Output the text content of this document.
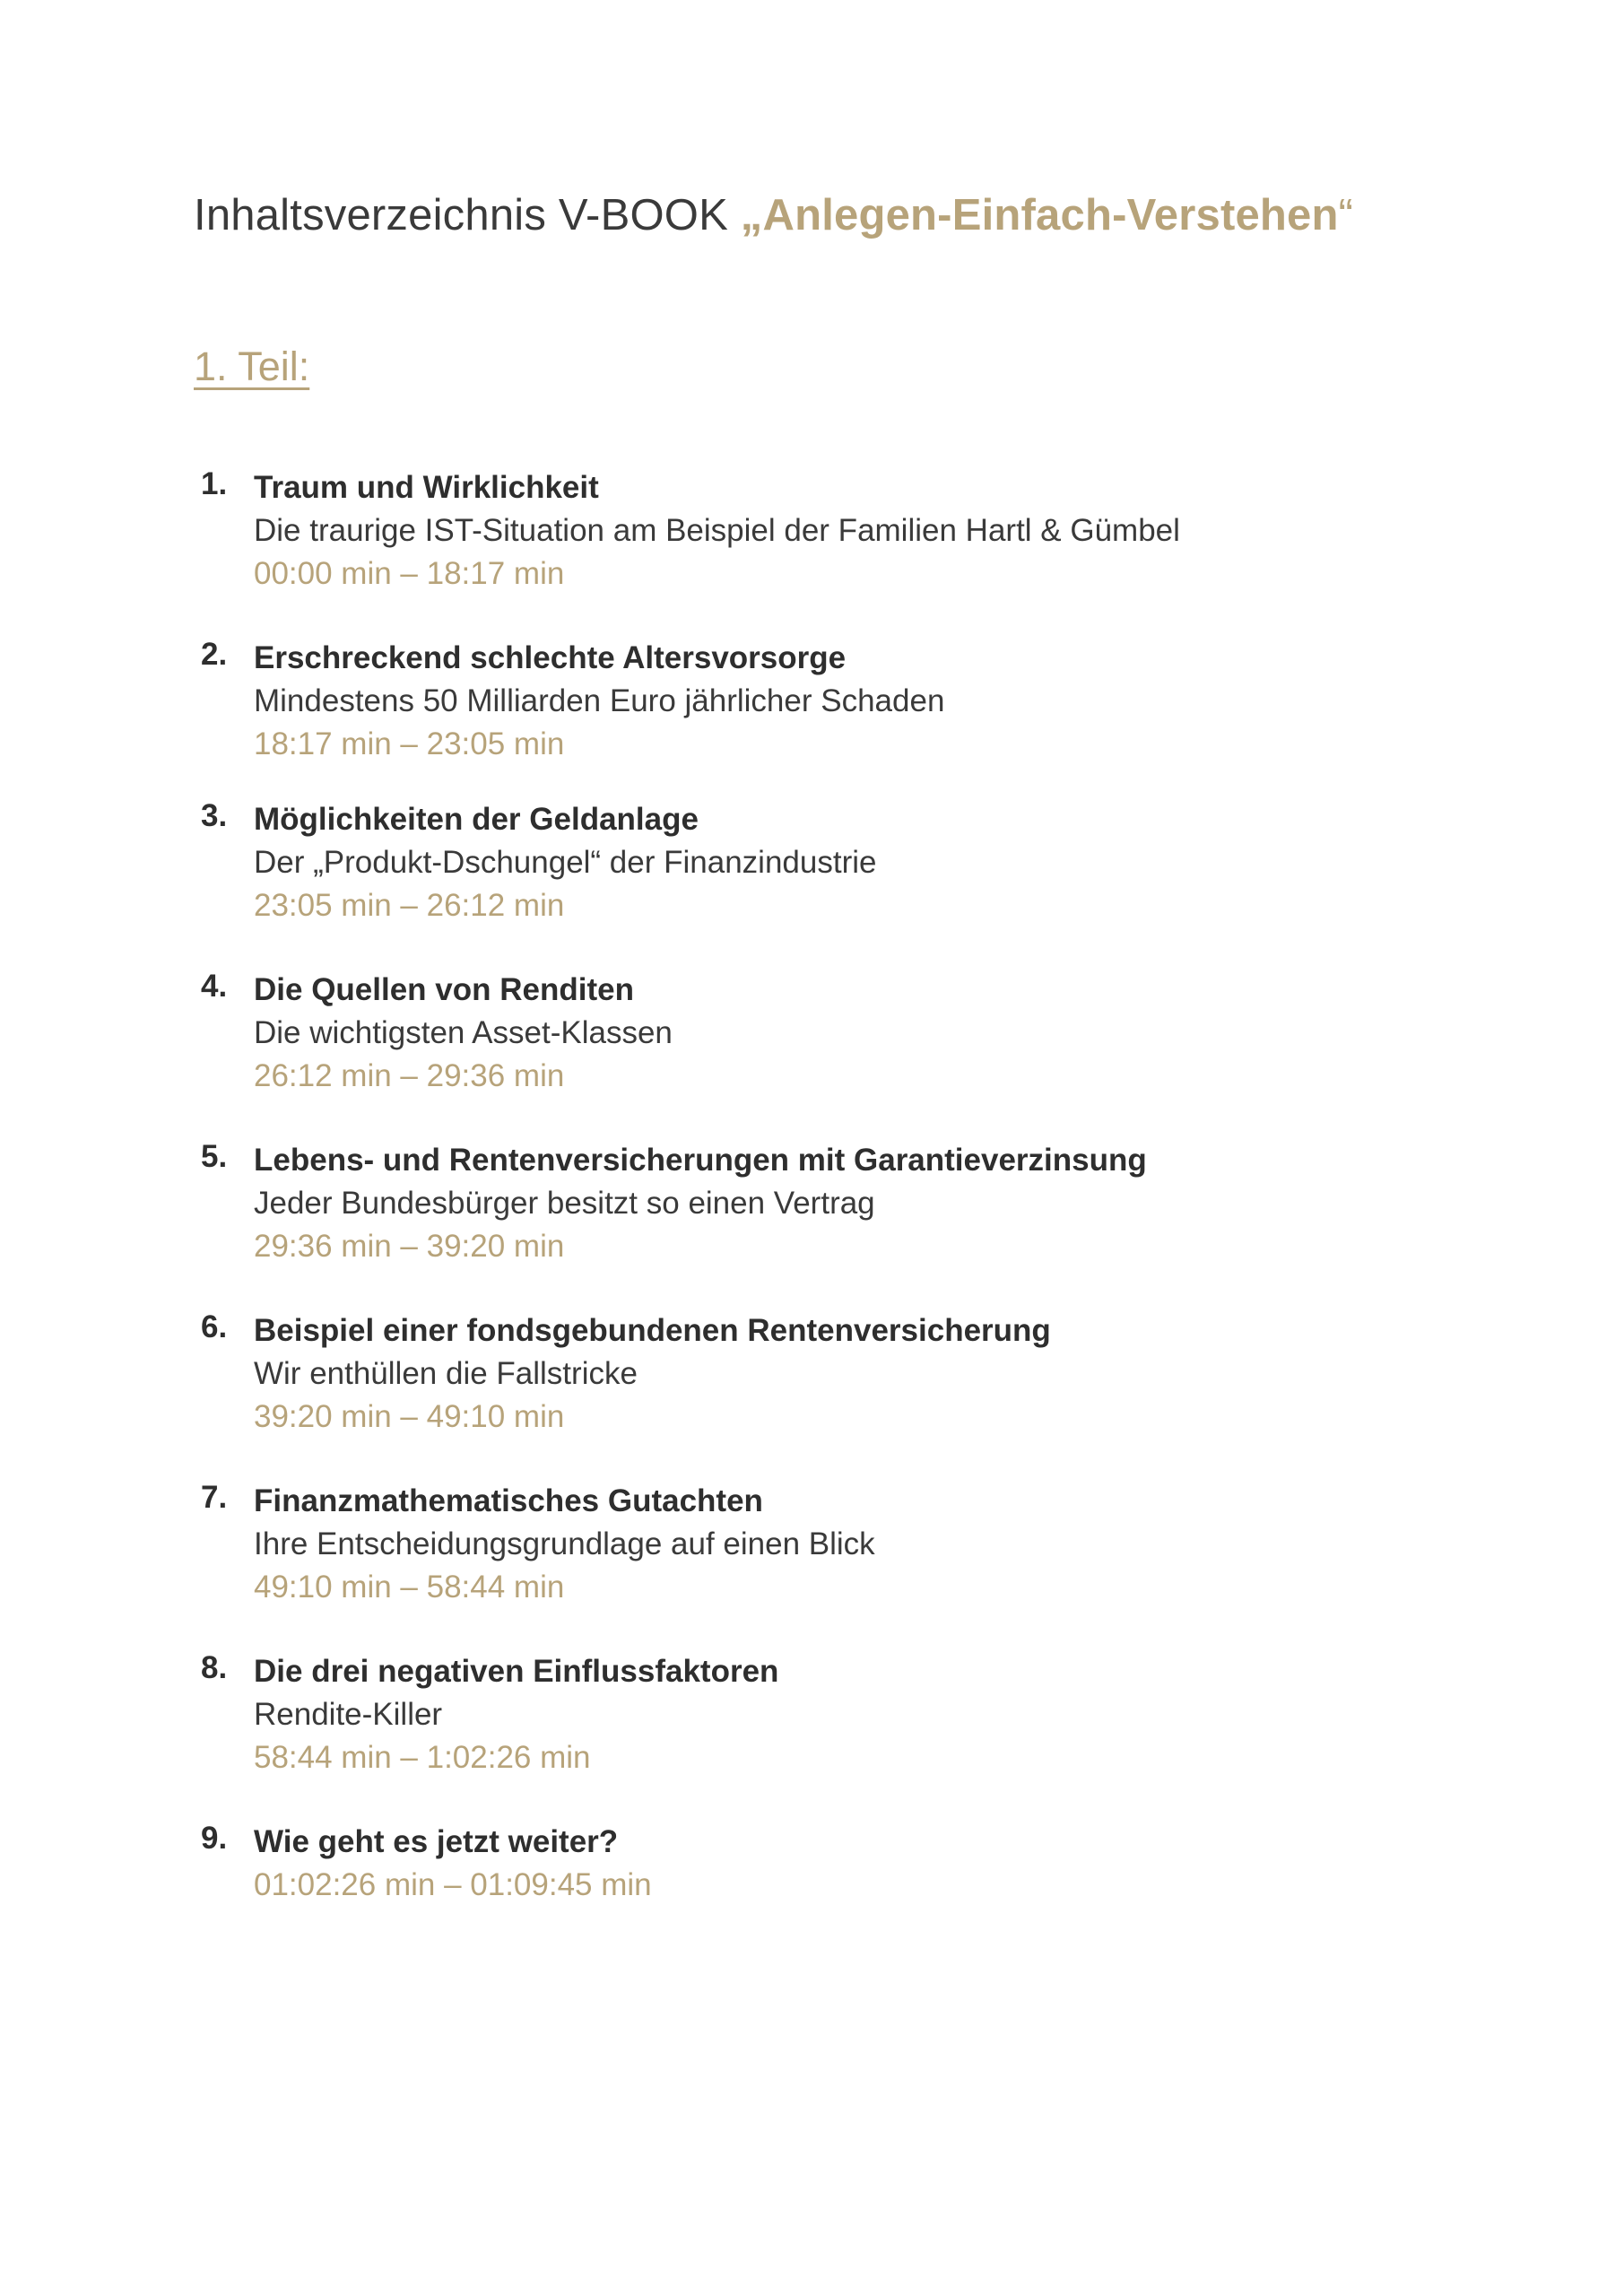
Inhaltsverzeichnis V-BOOK „Anlegen-Einfach-Verstehen“
1. Teil:
1. Traum und Wirklichkeit
Die traurige IST-Situation am Beispiel der Familien Hartl & Gümbel
00:00 min – 18:17 min
2. Erschreckend schlechte Altersvorsorge
Mindestens 50 Milliarden Euro jährlicher Schaden
18:17 min – 23:05 min
3. Möglichkeiten der Geldanlage
Der „Produkt-Dschungel“ der Finanzindustrie
23:05 min – 26:12 min
4. Die Quellen von Renditen
Die wichtigsten Asset-Klassen
26:12 min – 29:36 min
5. Lebens- und Rentenversicherungen mit Garantieverzinsung
Jeder Bundesbürger besitzt so einen Vertrag
29:36 min – 39:20 min
6. Beispiel einer fondsgebundenen Rentenversicherung
Wir enthüllen die Fallstricke
39:20 min – 49:10 min
7. Finanzmathematisches Gutachten
Ihre Entscheidungsgrundlage auf einen Blick
49:10 min – 58:44 min
8. Die drei negativen Einflussfaktoren
Rendite-Killer
58:44 min – 1:02:26 min
9. Wie geht es jetzt weiter?
01:02:26 min – 01:09:45 min
